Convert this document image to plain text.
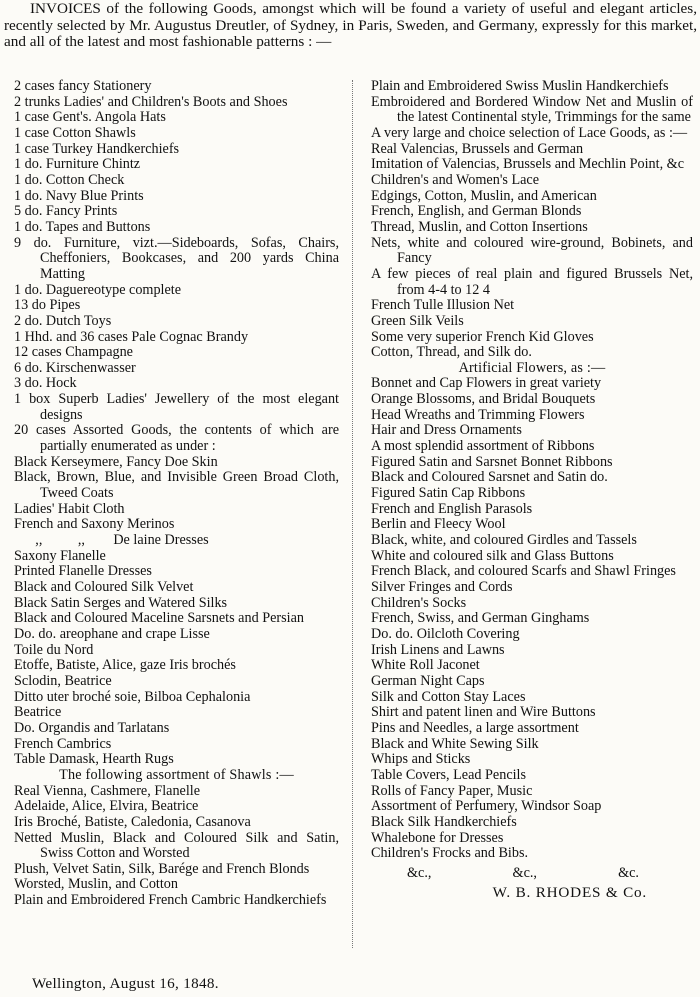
INVOICES of the following Goods, amongst which will be found a variety of useful and elegant articles, recently selected by Mr. Augustus Dreutler, of Sydney, in Paris, Sweden, and Germany, expressly for this market, and all of the latest and most fashionable patterns : —
2 cases fancy Stationery
2 trunks Ladies' and Children's Boots and Shoes
1 case Gent's. Angola Hats
1 case Cotton Shawls
1 case Turkey Handkerchiefs
1 do. Furniture Chintz
1 do. Cotton Check
1 do. Navy Blue Prints
5 do. Fancy Prints
1 do. Tapes and Buttons
9 do. Furniture, vizt.—Sideboards, Sofas, Chairs, Cheffoniers, Bookcases, and 200 yards China Matting
1 do. Daguereotype complete
13 do Pipes
2 do. Dutch Toys
1 Hhd. and 36 cases Pale Cognac Brandy
12 cases Champagne
6 do. Kirschenwasser
3 do. Hock
1 box Superb Ladies' Jewellery of the most elegant designs
20 cases Assorted Goods, the contents of which are partially enumerated as under :
Black Kerseymere, Fancy Doe Skin
Black, Brown, Blue, and Invisible Green Broad Cloth, Tweed Coats
Ladies' Habit Cloth
French and Saxony Merinos
,,          ,,        De laine Dresses
Saxony Flanelle
Printed Flanelle Dresses
Black and Coloured Silk Velvet
Black Satin Serges and Watered Silks
Black and Coloured Maceline Sarsnets and Persian
Do. do. areophane and crape Lisse
Toile du Nord
Etoffe, Batiste, Alice, gaze Iris brochés
Sclodin, Beatrice
Ditto uter broché soie, Bilboa Cephalonia
Beatrice
Do. Organdis and Tarlatans
French Cambrics
Table Damask, Hearth Rugs
The following assortment of Shawls :—
Real Vienna, Cashmere, Flanelle
Adelaide, Alice, Elvira, Beatrice
Iris Broché, Batiste, Caledonia, Casanova
Netted Muslin, Black and Coloured Silk and Satin, Swiss Cotton and Worsted
Plush, Velvet Satin, Silk, Barége and French Blonds
Worsted, Muslin, and Cotton
Plain and Embroidered French Cambric Handkerchiefs
Plain and Embroidered Swiss Muslin Handkerchiefs
Embroidered and Bordered Window Net and Muslin of the latest Continental style, Trimmings for the same
A very large and choice selection of Lace Goods, as :—
Real Valencias, Brussels and German
Imitation of Valencias, Brussels and Mechlin Point, &c
Children's and Women's Lace
Edgings, Cotton, Muslin, and American
French, English, and German Blonds
Thread, Muslin, and Cotton Insertions
Nets, white and coloured wire-ground, Bobinets, and Fancy
A few pieces of real plain and figured Brussels Net, from 4-4 to 12 4
French Tulle Illusion Net
Green Silk Veils
Some very superior French Kid Gloves
Cotton, Thread, and Silk do.
Artificial Flowers, as :—
Bonnet and Cap Flowers in great variety
Orange Blossoms, and Bridal Bouquets
Head Wreaths and Trimming Flowers
Hair and Dress Ornaments
A most splendid assortment of Ribbons
Figured Satin and Sarsnet Bonnet Ribbons
Black and Coloured Sarsnet and Satin do.
Figured Satin Cap Ribbons
French and English Parasols
Berlin and Fleecy Wool
Black, white, and coloured Girdles and Tassels
White and coloured silk and Glass Buttons
French Black, and coloured Scarfs and Shawl Fringes
Silver Fringes and Cords
Children's Socks
French, Swiss, and German Ginghams
Do. do. Oilcloth Covering
Irish Linens and Lawns
White Roll Jaconet
German Night Caps
Silk and Cotton Stay Laces
Shirt and patent linen and Wire Buttons
Pins and Needles, a large assortment
Black and White Sewing Silk
Whips and Sticks
Table Covers, Lead Pencils
Rolls of Fancy Paper, Music
Assortment of Perfumery, Windsor Soap
Black Silk Handkerchiefs
Whalebone for Dresses
Children's Frocks and Bibs.
&c.,	&c.,	&c.
W. B. RHODES & Co.
Wellington, August 16, 1848.
